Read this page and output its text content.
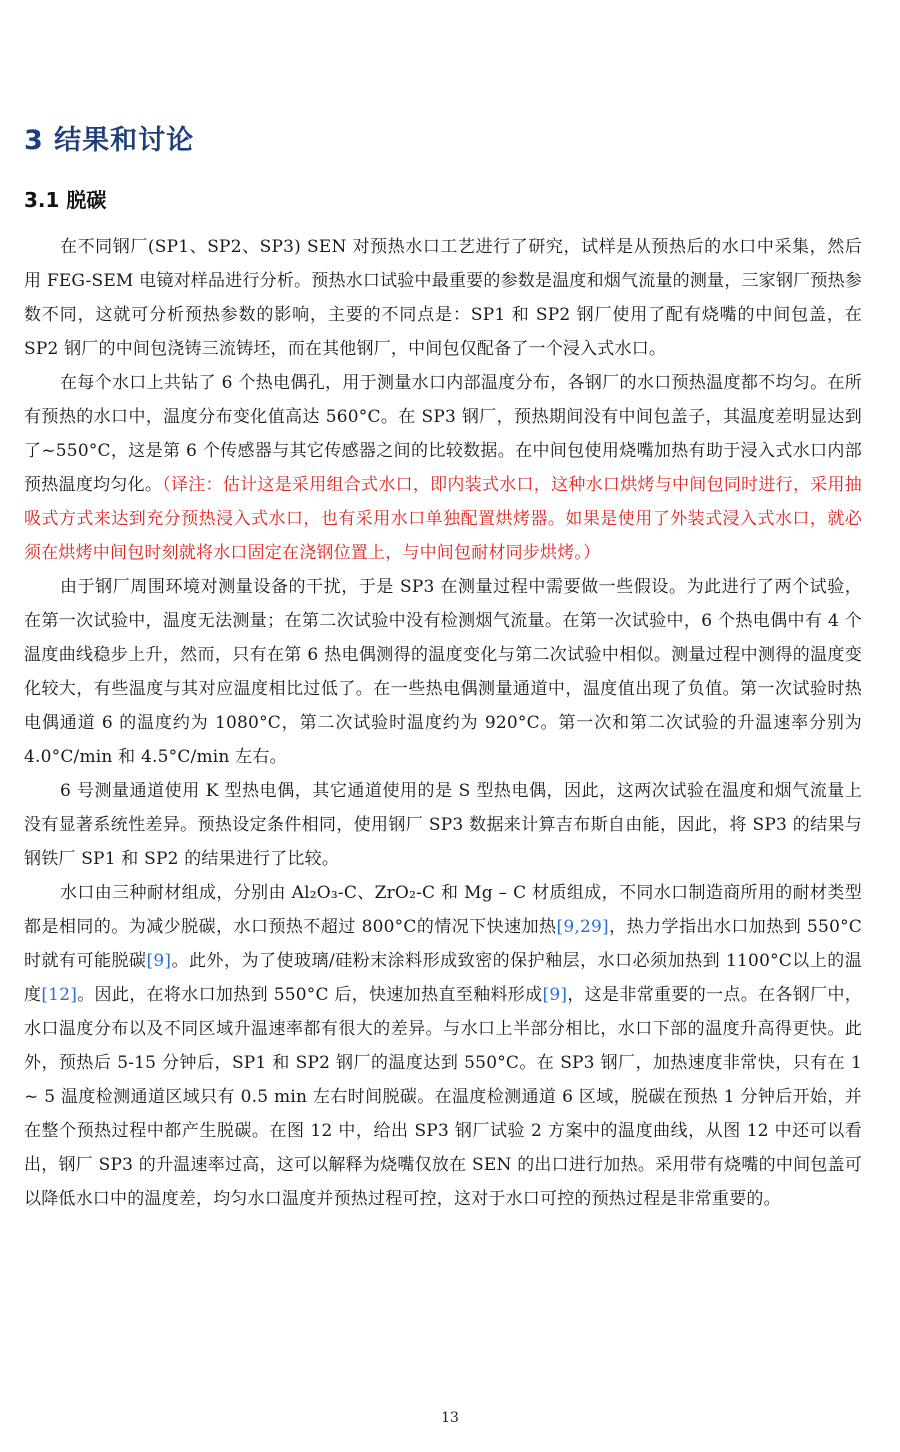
3 结果和讨论
3.1 脱碳

在不同钢厂(SP1、SP2、SP3) SEN 对预热水口工艺进行了研究，试样是从预热后的水口中采集，然后用 FEG-SEM 电镜对样品进行分析。预热水口试验中最重要的参数是温度和烟气流量的测量，三家钢厂预热参数不同，这就可分析预热参数的影响，主要的不同点是：SP1 和 SP2 钢厂使用了配有烧嘴的中间包盖，在 SP2 钢厂的中间包浇铸三流铸坯，而在其他钢厂，中间包仅配备了一个浸入式水口。

在每个水口上共钻了 6 个热电偶孔，用于测量水口内部温度分布，各钢厂的水口预热温度都不均匀。在所有预热的水口中，温度分布变化值高达 560°C。在 SP3 钢厂，预热期间没有中间包盖子，其温度差明显达到了~550°C，这是第 6 个传感器与其它传感器之间的比较数据。在中间包使用烧嘴加热有助于浸入式水口内部预热温度均匀化。（译注：估计这是采用组合式水口，即内装式水口，这种水口烘烤与中间包同时进行，采用抽吸式方式来达到充分预热浸入式水口，也有采用水口单独配置烘烤器。如果是使用了外装式浸入式水口，就必须在烘烤中间包时刻就将水口固定在浇钢位置上，与中间包耐材同步烘烤。）

由于钢厂周围环境对测量设备的干扰，于是 SP3 在测量过程中需要做一些假设。为此进行了两个试验，在第一次试验中，温度无法测量；在第二次试验中没有检测烟气流量。在第一次试验中，6 个热电偶中有 4 个温度曲线稳步上升，然而，只有在第 6 热电偶测得的温度变化与第二次试验中相似。测量过程中测得的温度变化较大，有些温度与其对应温度相比过低了。在一些热电偶测量通道中，温度值出现了负值。第一次试验时热电偶通道 6 的温度约为 1080°C，第二次试验时温度约为 920°C。第一次和第二次试验的升温速率分别为 4.0°C/min 和 4.5°C/min 左右。

6 号测量通道使用 K 型热电偶，其它通道使用的是 S 型热电偶，因此，这两次试验在温度和烟气流量上没有显著系统性差异。预热设定条件相同，使用钢厂 SP3 数据来计算吉布斯自由能，因此，将 SP3 的结果与钢铁厂 SP1 和 SP2 的结果进行了比较。

水口由三种耐材组成，分别由 Al₂O₃-C、ZrO₂-C 和 Mg – C 材质组成，不同水口制造商所用的耐材类型都是相同的。为减少脱碳，水口预热不超过 800°C的情况下快速加热[9,29]，热力学指出水口加热到 550°C 时就有可能脱碳[9]。此外，为了使玻璃/硅粉末涂料形成致密的保护釉层，水口必须加热到 1100°C以上的温度[12]。因此，在将水口加热到 550°C 后，快速加热直至釉料形成[9]，这是非常重要的一点。在各钢厂中，水口温度分布以及不同区域升温速率都有很大的差异。与水口上半部分相比，水口下部的温度升高得更快。此外，预热后 5-15 分钟后，SP1 和 SP2 钢厂的温度达到 550°C。在 SP3 钢厂，加热速度非常快，只有在 1 ~ 5 温度检测通道区域只有 0.5 min 左右时间脱碳。在温度检测通道 6 区域，脱碳在预热 1 分钟后开始，并在整个预热过程中都产生脱碳。在图 12 中，给出 SP3 钢厂试验 2 方案中的温度曲线，从图 12 中还可以看出，钢厂 SP3 的升温速率过高，这可以解释为烧嘴仅放在 SEN 的出口进行加热。采用带有烧嘴的中间包盖可以降低水口中的温度差，均匀水口温度并预热过程可控，这对于水口可控的预热过程是非常重要的。

13
